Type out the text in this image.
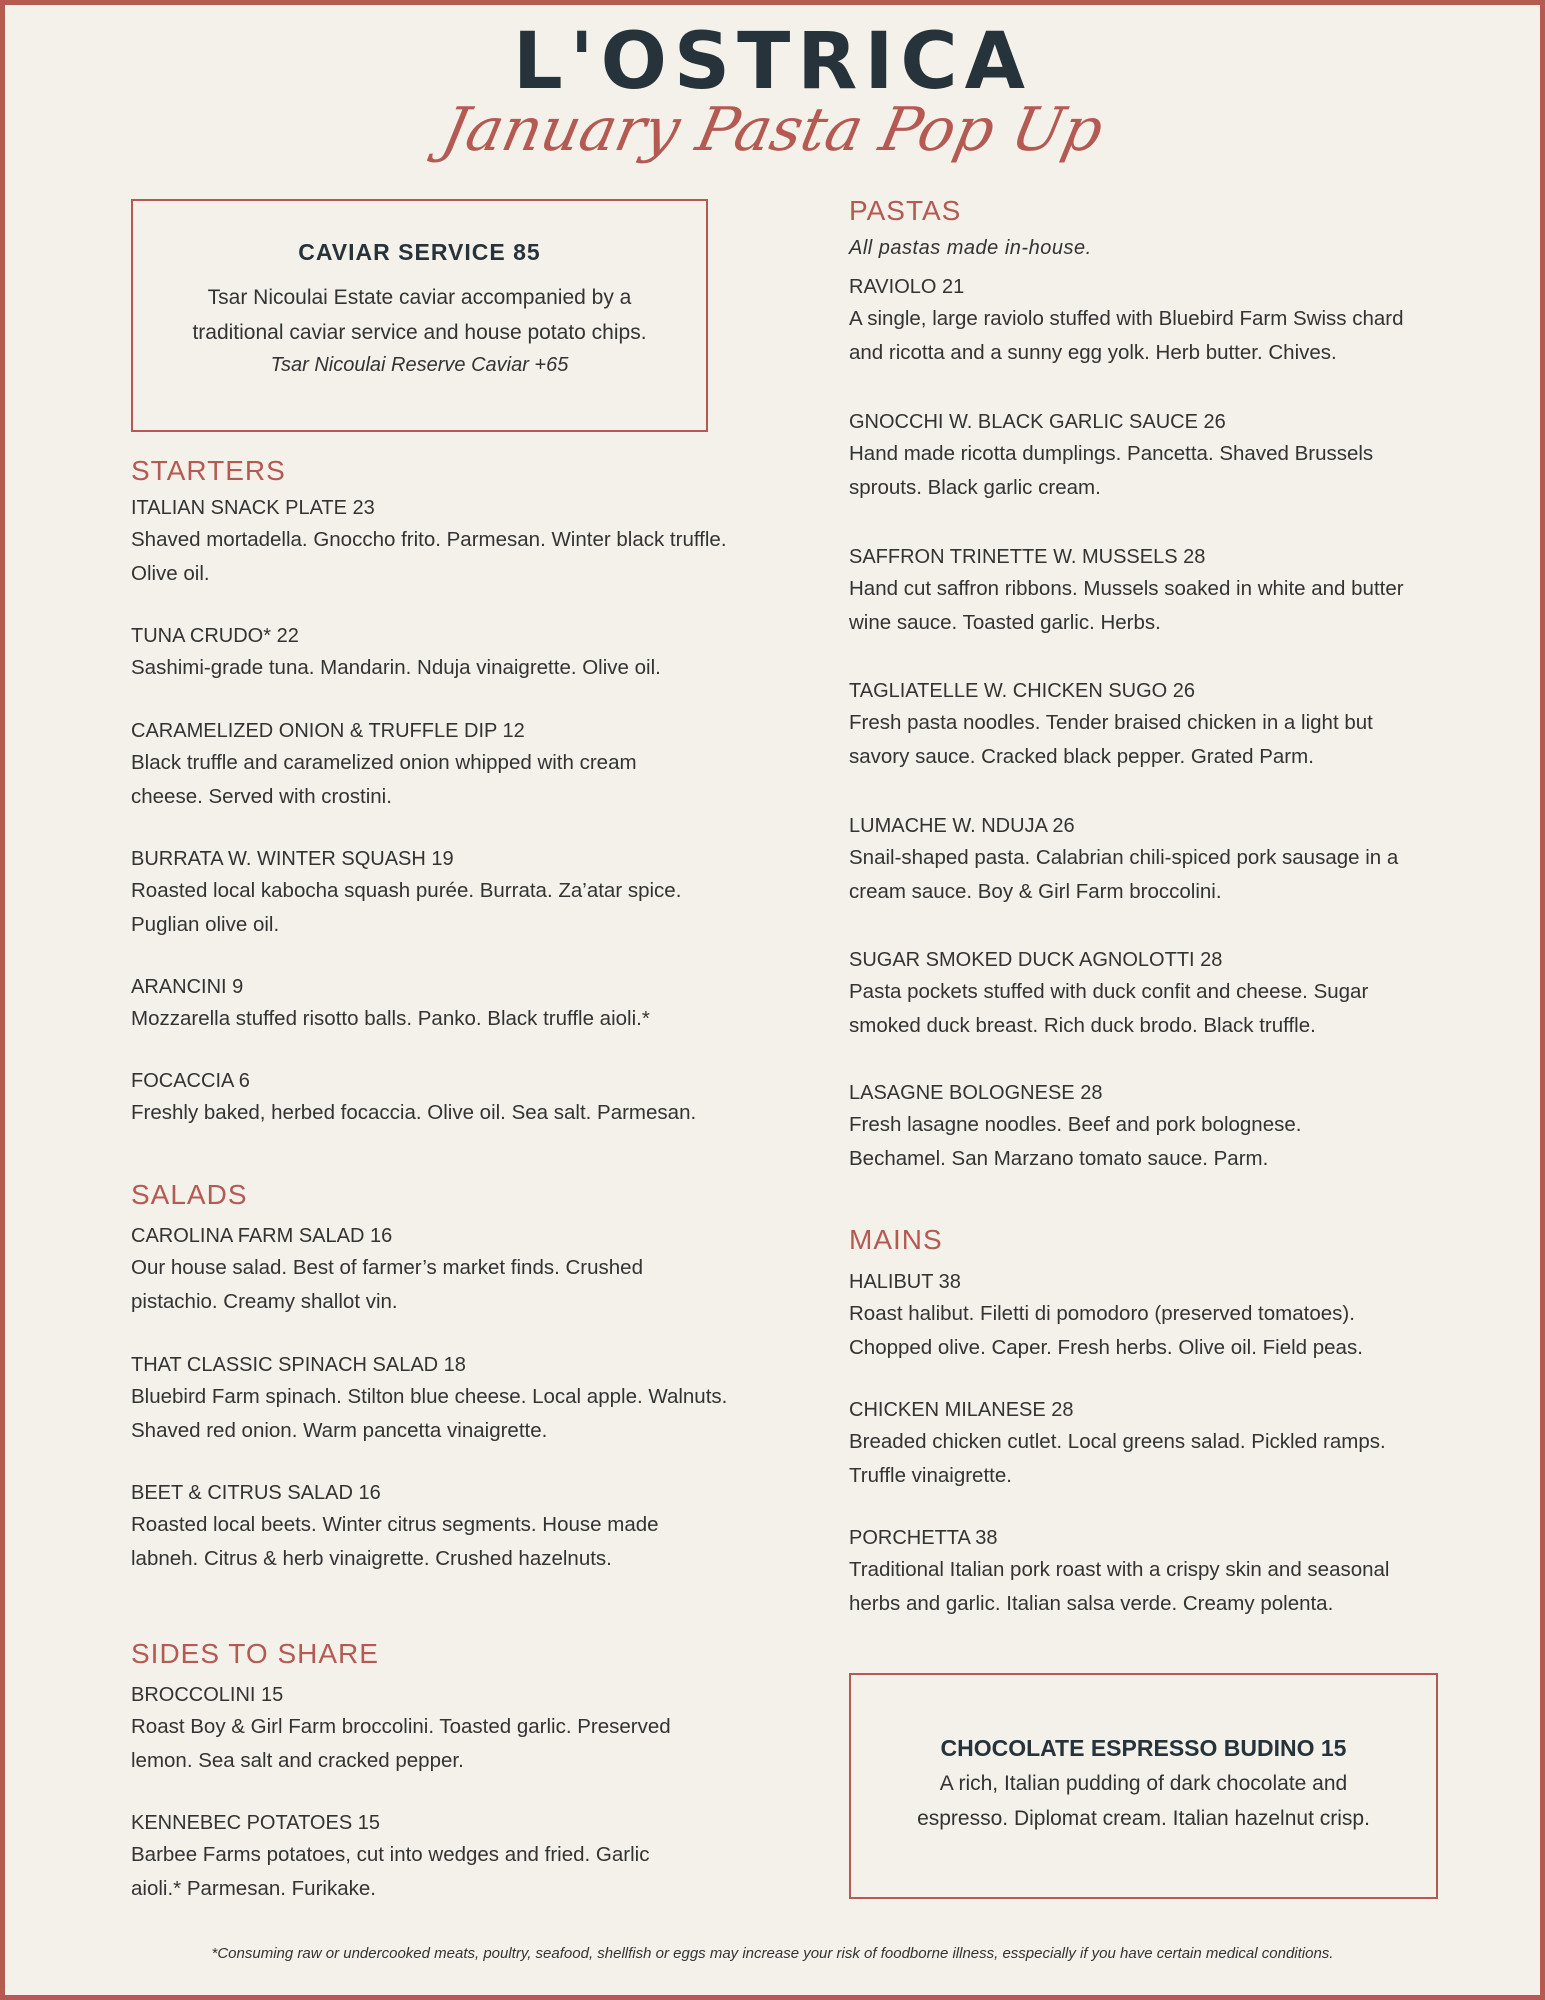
L'OSTRICA
January Pasta Pop Up
CAVIAR SERVICE 85
Tsar Nicoulai Estate caviar accompanied by a traditional caviar service and house potato chips.
Tsar Nicoulai Reserve Caviar +65
STARTERS
ITALIAN SNACK PLATE 23
Shaved mortadella. Gnoccho frito. Parmesan. Winter black truffle. Olive oil.
TUNA CRUDO* 22
Sashimi-grade tuna. Mandarin. Nduja vinaigrette. Olive oil.
CARAMELIZED ONION & TRUFFLE DIP 12
Black truffle and caramelized onion whipped with cream cheese. Served with crostini.
BURRATA W. WINTER SQUASH 19
Roasted local kabocha squash purée. Burrata. Za’atar spice. Puglian olive oil.
ARANCINI 9
Mozzarella stuffed risotto balls. Panko. Black truffle aioli.*
FOCACCIA 6
Freshly baked, herbed focaccia. Olive oil. Sea salt. Parmesan.
SALADS
CAROLINA FARM SALAD 16
Our house salad. Best of farmer’s market finds. Crushed pistachio. Creamy shallot vin.
THAT CLASSIC SPINACH SALAD 18
Bluebird Farm spinach. Stilton blue cheese. Local apple. Walnuts. Shaved red onion. Warm pancetta vinaigrette.
BEET & CITRUS SALAD 16
Roasted local beets. Winter citrus segments. House made labneh. Citrus & herb vinaigrette. Crushed hazelnuts.
SIDES TO SHARE
BROCCOLINI 15
Roast Boy & Girl Farm broccolini. Toasted garlic. Preserved lemon. Sea salt and cracked pepper.
KENNEBEC POTATOES 15
Barbee Farms potatoes, cut into wedges and fried. Garlic aioli.* Parmesan. Furikake.
PASTAS
All pastas made in-house.
RAVIOLO 21
A single, large raviolo stuffed with Bluebird Farm Swiss chard and ricotta and a sunny egg yolk. Herb butter. Chives.
GNOCCHI W. BLACK GARLIC SAUCE 26
Hand made ricotta dumplings. Pancetta. Shaved Brussels sprouts. Black garlic cream.
SAFFRON TRINETTE W. MUSSELS 28
Hand cut saffron ribbons. Mussels soaked in white and butter wine sauce. Toasted garlic. Herbs.
TAGLIATELLE W. CHICKEN SUGO 26
Fresh pasta noodles. Tender braised chicken in a light but savory sauce. Cracked black pepper. Grated Parm.
LUMACHE W. NDUJA 26
Snail-shaped pasta. Calabrian chili-spiced pork sausage in a cream sauce. Boy & Girl Farm broccolini.
SUGAR SMOKED DUCK AGNOLOTTI 28
Pasta pockets stuffed with duck confit and cheese. Sugar smoked duck breast. Rich duck brodo. Black truffle.
LASAGNE BOLOGNESE 28
Fresh lasagne noodles. Beef and pork bolognese. Bechamel. San Marzano tomato sauce. Parm.
MAINS
HALIBUT 38
Roast halibut. Filetti di pomodoro (preserved tomatoes). Chopped olive. Caper. Fresh herbs. Olive oil. Field peas.
CHICKEN MILANESE 28
Breaded chicken cutlet. Local greens salad. Pickled ramps. Truffle vinaigrette.
PORCHETTA 38
Traditional Italian pork roast with a crispy skin and seasonal herbs and garlic. Italian salsa verde. Creamy polenta.
CHOCOLATE ESPRESSO BUDINO 15
A rich, Italian pudding of dark chocolate and espresso. Diplomat cream. Italian hazelnut crisp.
*Consuming raw or undercooked meats, poultry, seafood, shellfish or eggs may increase your risk of foodborne illness, esspecially if you have certain medical conditions.
